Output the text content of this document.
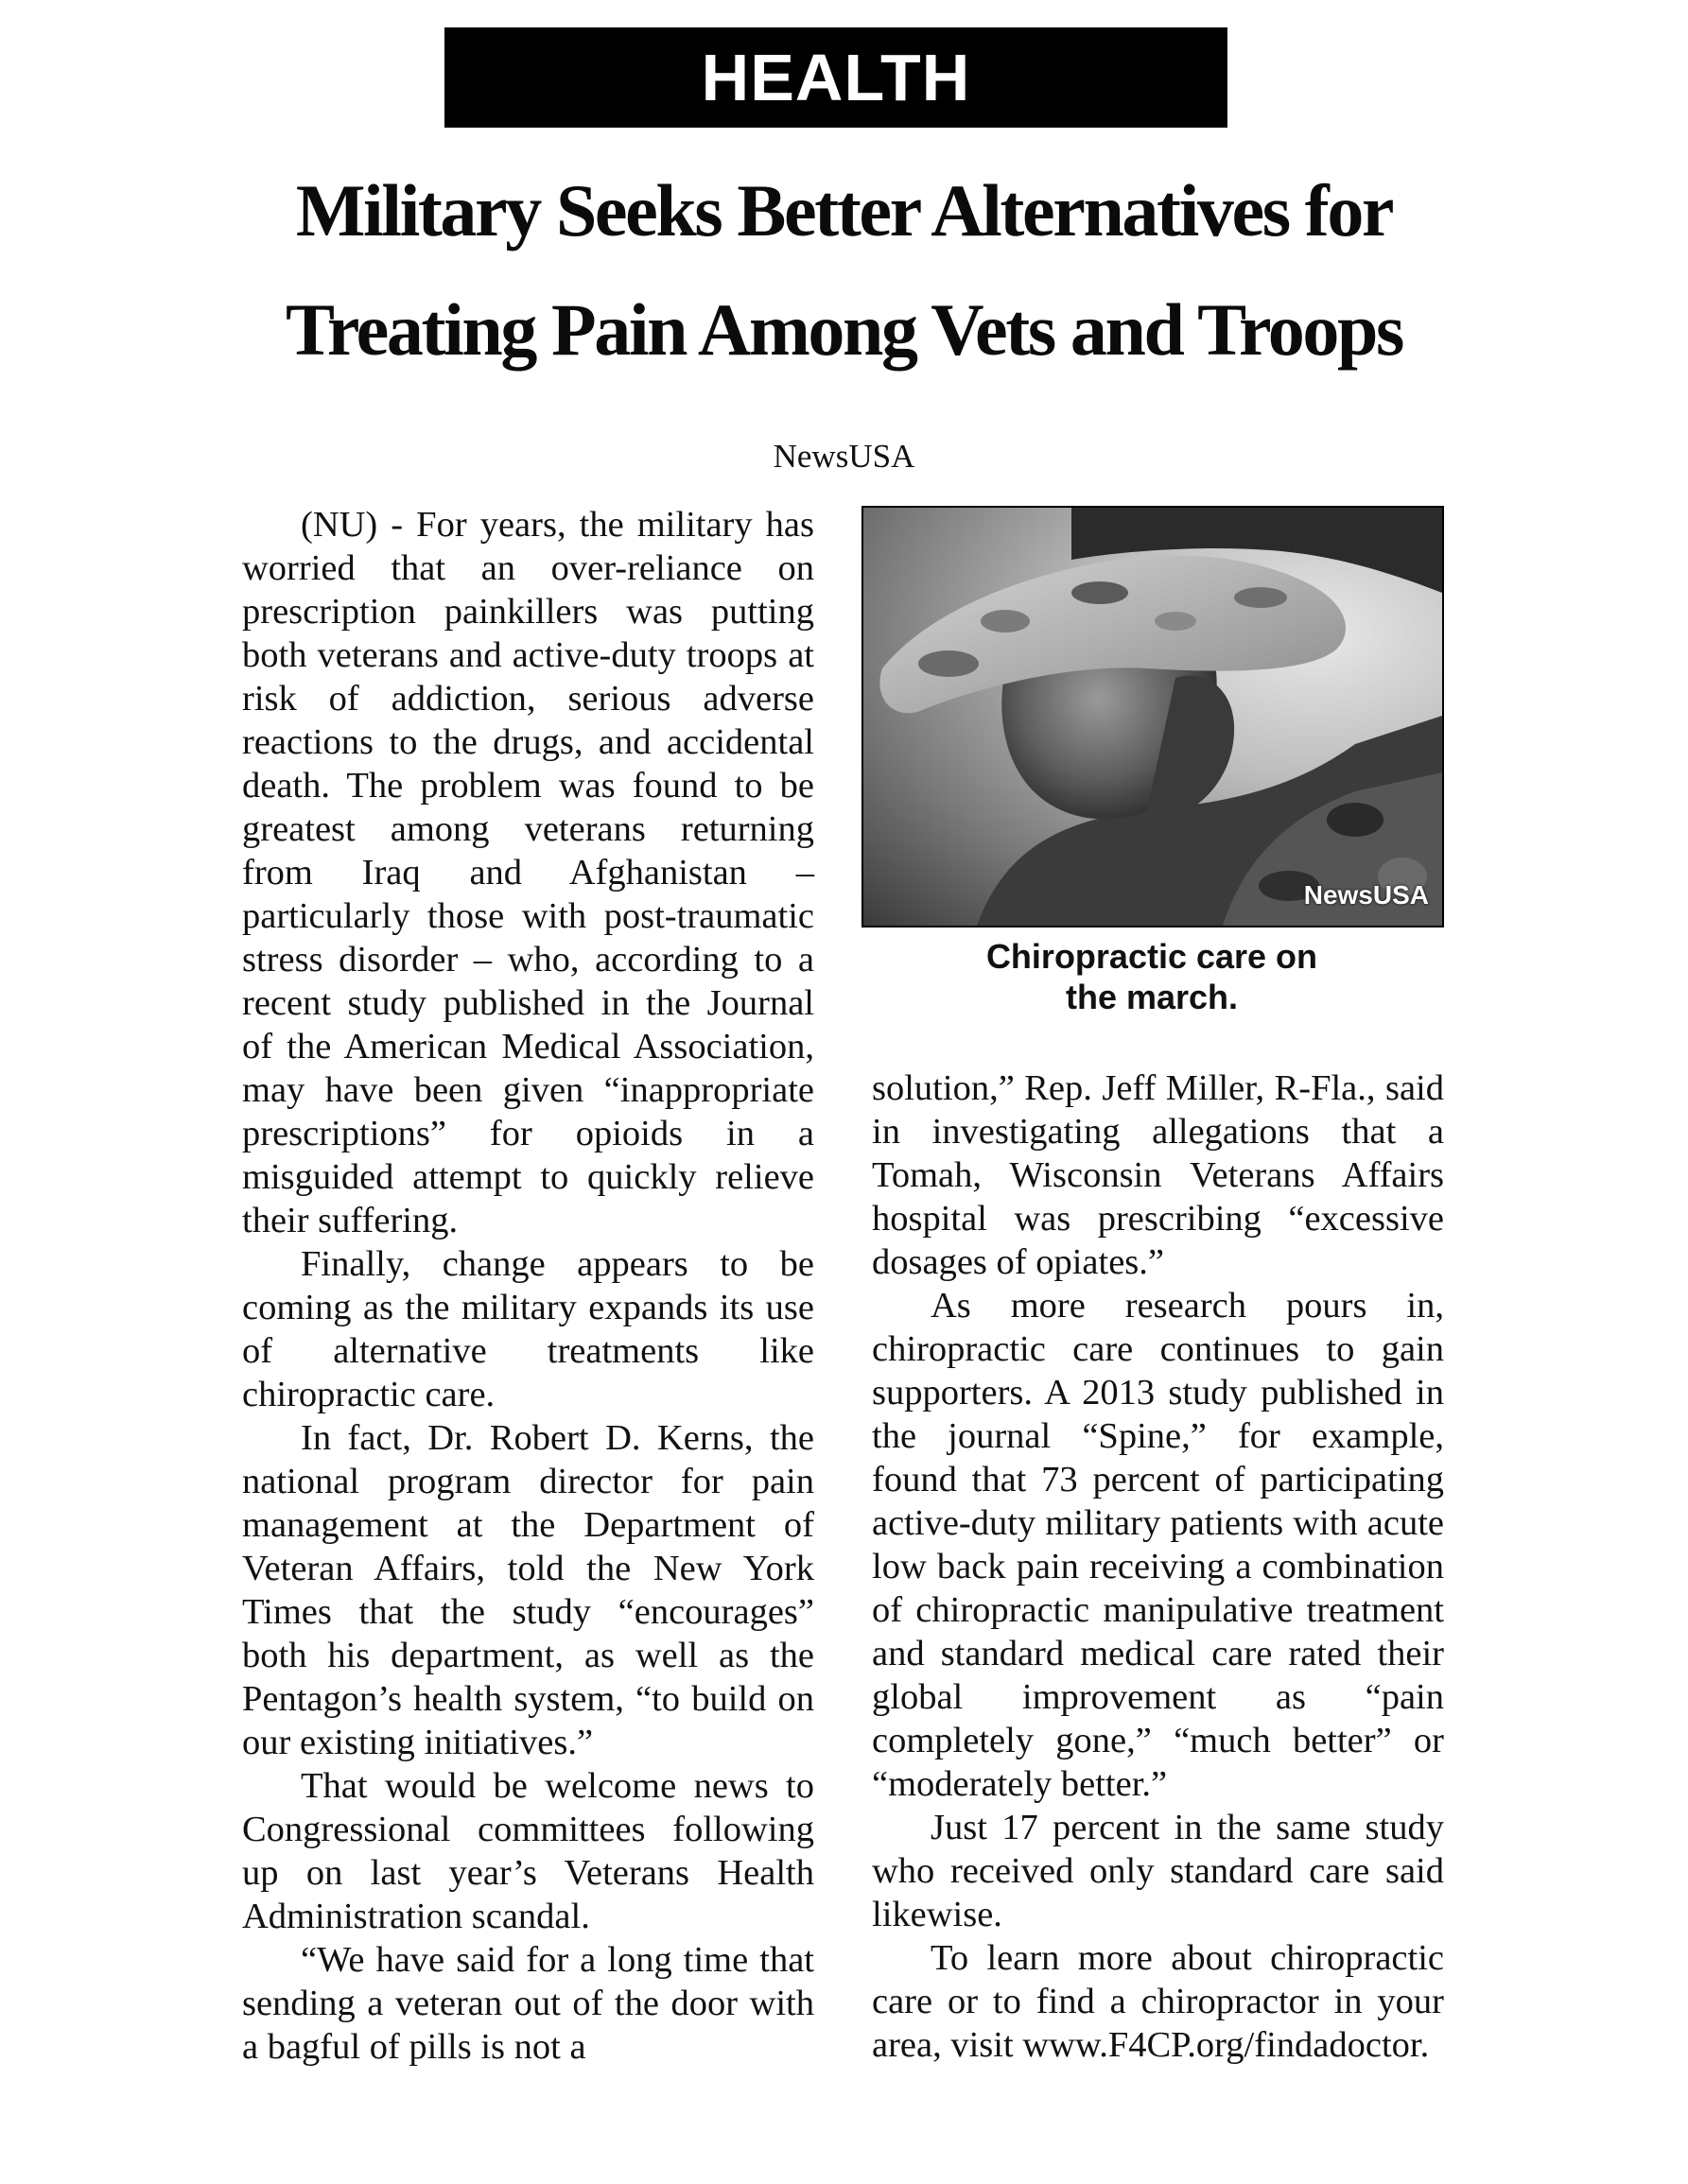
HEALTH
Military Seeks Better Alternatives for
Treating Pain Among Vets and Troops
NewsUSA

(NU) - For years, the military has worried that an over-reliance on prescription painkillers was putting both veterans and active-duty troops at risk of addiction, serious adverse reactions to the drugs, and accidental death. The problem was found to be greatest among veterans returning from Iraq and Afghanistan – particularly those with post-traumatic stress disorder – who, according to a recent study published in the Journal of the American Medical Association, may have been given “inappropriate prescriptions” for opioids in a misguided attempt to quickly relieve their suffering.

Finally, change appears to be coming as the military expands its use of alternative treatments like chiropractic care.

In fact, Dr. Robert D. Kerns, the national program director for pain management at the Department of Veteran Affairs, told the New York Times that the study “encourages” both his department, as well as the Pentagon’s health system, “to build on our existing initiatives.”

That would be welcome news to Congressional committees following up on last year’s Veterans Health Administration scandal.

“We have said for a long time that sending a veteran out of the door with a bagful of pills is not a

NewsUSA
Chiropractic care on
the march.

solution,” Rep. Jeff Miller, R-Fla., said in investigating allegations that a Tomah, Wisconsin Veterans Affairs hospital was prescribing “excessive dosages of opiates.”

As more research pours in, chiropractic care continues to gain supporters. A 2013 study published in the journal “Spine,” for example, found that 73 percent of participating active-duty military patients with acute low back pain receiving a combination of chiropractic manipulative treatment and standard medical care rated their global improvement as “pain completely gone,” “much better” or “moderately better.”

Just 17 percent in the same study who received only standard care said likewise.

To learn more about chiropractic care or to find a chiropractor in your area, visit www.F4CP.org/findadoctor.
